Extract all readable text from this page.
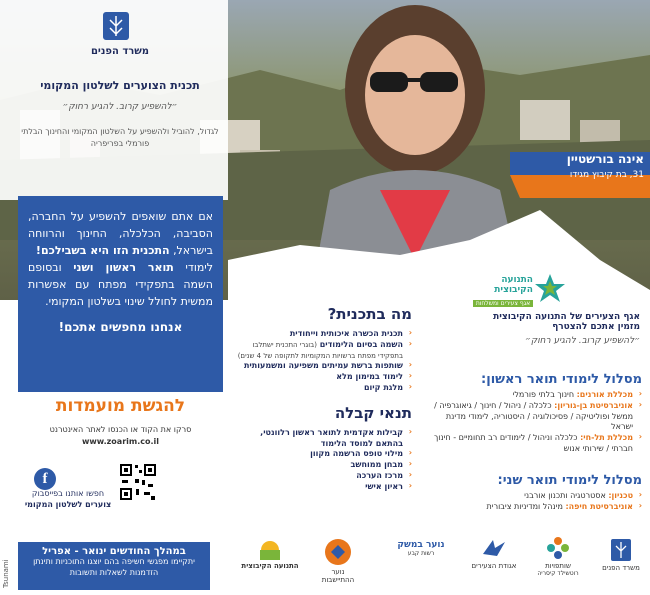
משרד הפנים
תכנית הצוערים לשלטון המקומי
״להשפיע קרוב. להגיע רחוק״
לגדול, להוביל ולהשפיע על השלטון המקומי והחינוך הבלתי פורמלי בפריפריה

אם אתם שואפים להשפיע על החברה, הסביבה, הכלכלה, החינוך והרווחה בישראל, התכנית הזו היא בשבילכם!

לימודי תואר ראשון ושני ובסופם השמה בתפקידי מפתח עם אפשרות ממשית לחולל שינוי בשלטון המקומי.

אנחנו מחפשים אתכם!
להגשת מועמדות
סרקו את הקוד או הכנסו לאתר האינטרנט
www.zoarim.co.il
f
חפשו אותנו בפייסבוק
צוערים לשלטון המקומי
במהלך החודשים ינואר - אפריל
יתקיימו מפגשי חשיפה בהם יוצגו התוכניות ותינתן הזדמנות לשאלות ותשובות
Tsunami
אינה בורשטיין
31, בת קיבוץ מגידו
מה בתכנית?
‹ תכנית הכשרה איכותית וייחודית
‹ השמה בסיום הלימודים (בוגרי התכנית ישתלבו בתפקידי מפתח ברשויות המקומיות לתקופה של 4 שנים)
‹ שותפות ברשת עמיתים משפיעה ומשמעותית
‹ לימוד במימון מלא
‹ מלגת קיום
תנאי קבלה
‹ קבילות אקדמית לתואר ראשון רלוונטי, בהתאם למוסד הלימוד
‹ מילוי טופס הרשמה מקוון
‹ מבחן ממוחשב
‹ מרכז הערכה
‹ ראיון אישי
התנועה הקיבוצית
אגף צעירים ומשלחות
אגף הצעירים של התנועה הקיבוצית
מזמין אתכם להצטרף
״להשפיע קרוב. להגיע רחוק״
מסלול לימודי תואר ראשון:
‹ מכללת אורנים: חינוך בלתי פורמלי
‹ אוניברסיטת בן-גוריון: כלכלה / ניהול / חינוך / גיאוגרפיה / ממשל ופוליטיקה / פסיכולוגיה / היסטוריה, לימודי מדינת ישראל
‹ מכללת תל-חי: כלכלה וניהול / לימודים רב תחומיים - חינוך חברתי / שירותי אנוש
מסלול לימודי תואר שני:
‹ טכניון: אסטרטגיה ותכנון אורבני
‹ אוניברסיטת חיפה: מינהל ומדיניות ציבורית
משרד הפנים
שותפויות
רוטשילד קיסריה
אגודת הצעירים
נוער במשק
רשות קבע
נוער ההתיישבות
התנועה הקיבוצית
